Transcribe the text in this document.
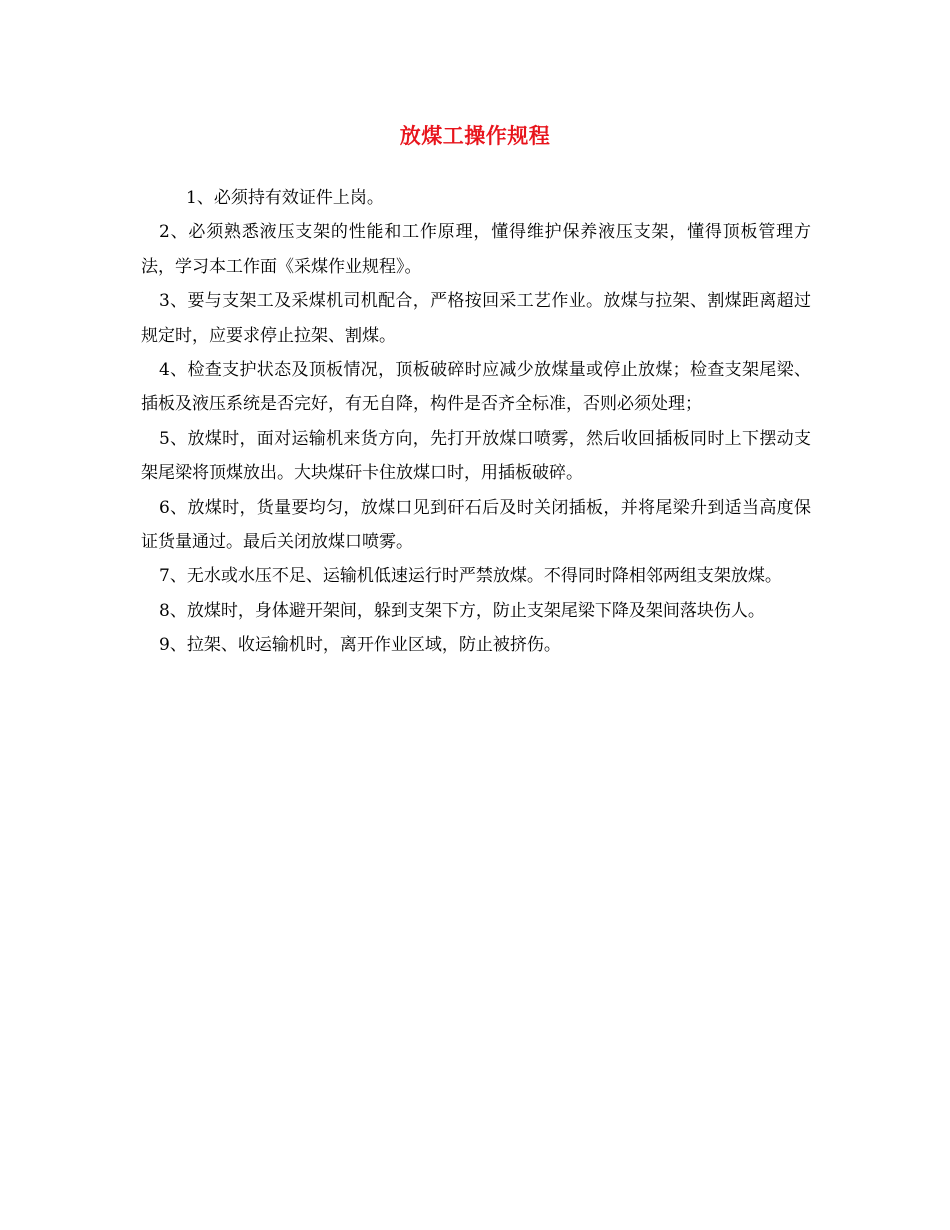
放煤工操作规程

1、必须持有效证件上岗。

2、必须熟悉液压支架的性能和工作原理，懂得维护保养液压支架，懂得顶板管理方法，学习本工作面《采煤作业规程》。

3、要与支架工及采煤机司机配合，严格按回采工艺作业。放煤与拉架、割煤距离超过规定时，应要求停止拉架、割煤。

4、检查支护状态及顶板情况，顶板破碎时应减少放煤量或停止放煤；检查支架尾梁、插板及液压系统是否完好，有无自降，构件是否齐全标准，否则必须处理；

5、放煤时，面对运输机来货方向，先打开放煤口喷雾，然后收回插板同时上下摆动支架尾梁将顶煤放出。大块煤矸卡住放煤口时，用插板破碎。

6、放煤时，货量要均匀，放煤口见到矸石后及时关闭插板，并将尾梁升到适当高度保证货量通过。最后关闭放煤口喷雾。

7、无水或水压不足、运输机低速运行时严禁放煤。不得同时降相邻两组支架放煤。

8、放煤时，身体避开架间，躲到支架下方，防止支架尾梁下降及架间落块伤人。

9、拉架、收运输机时，离开作业区域，防止被挤伤。
